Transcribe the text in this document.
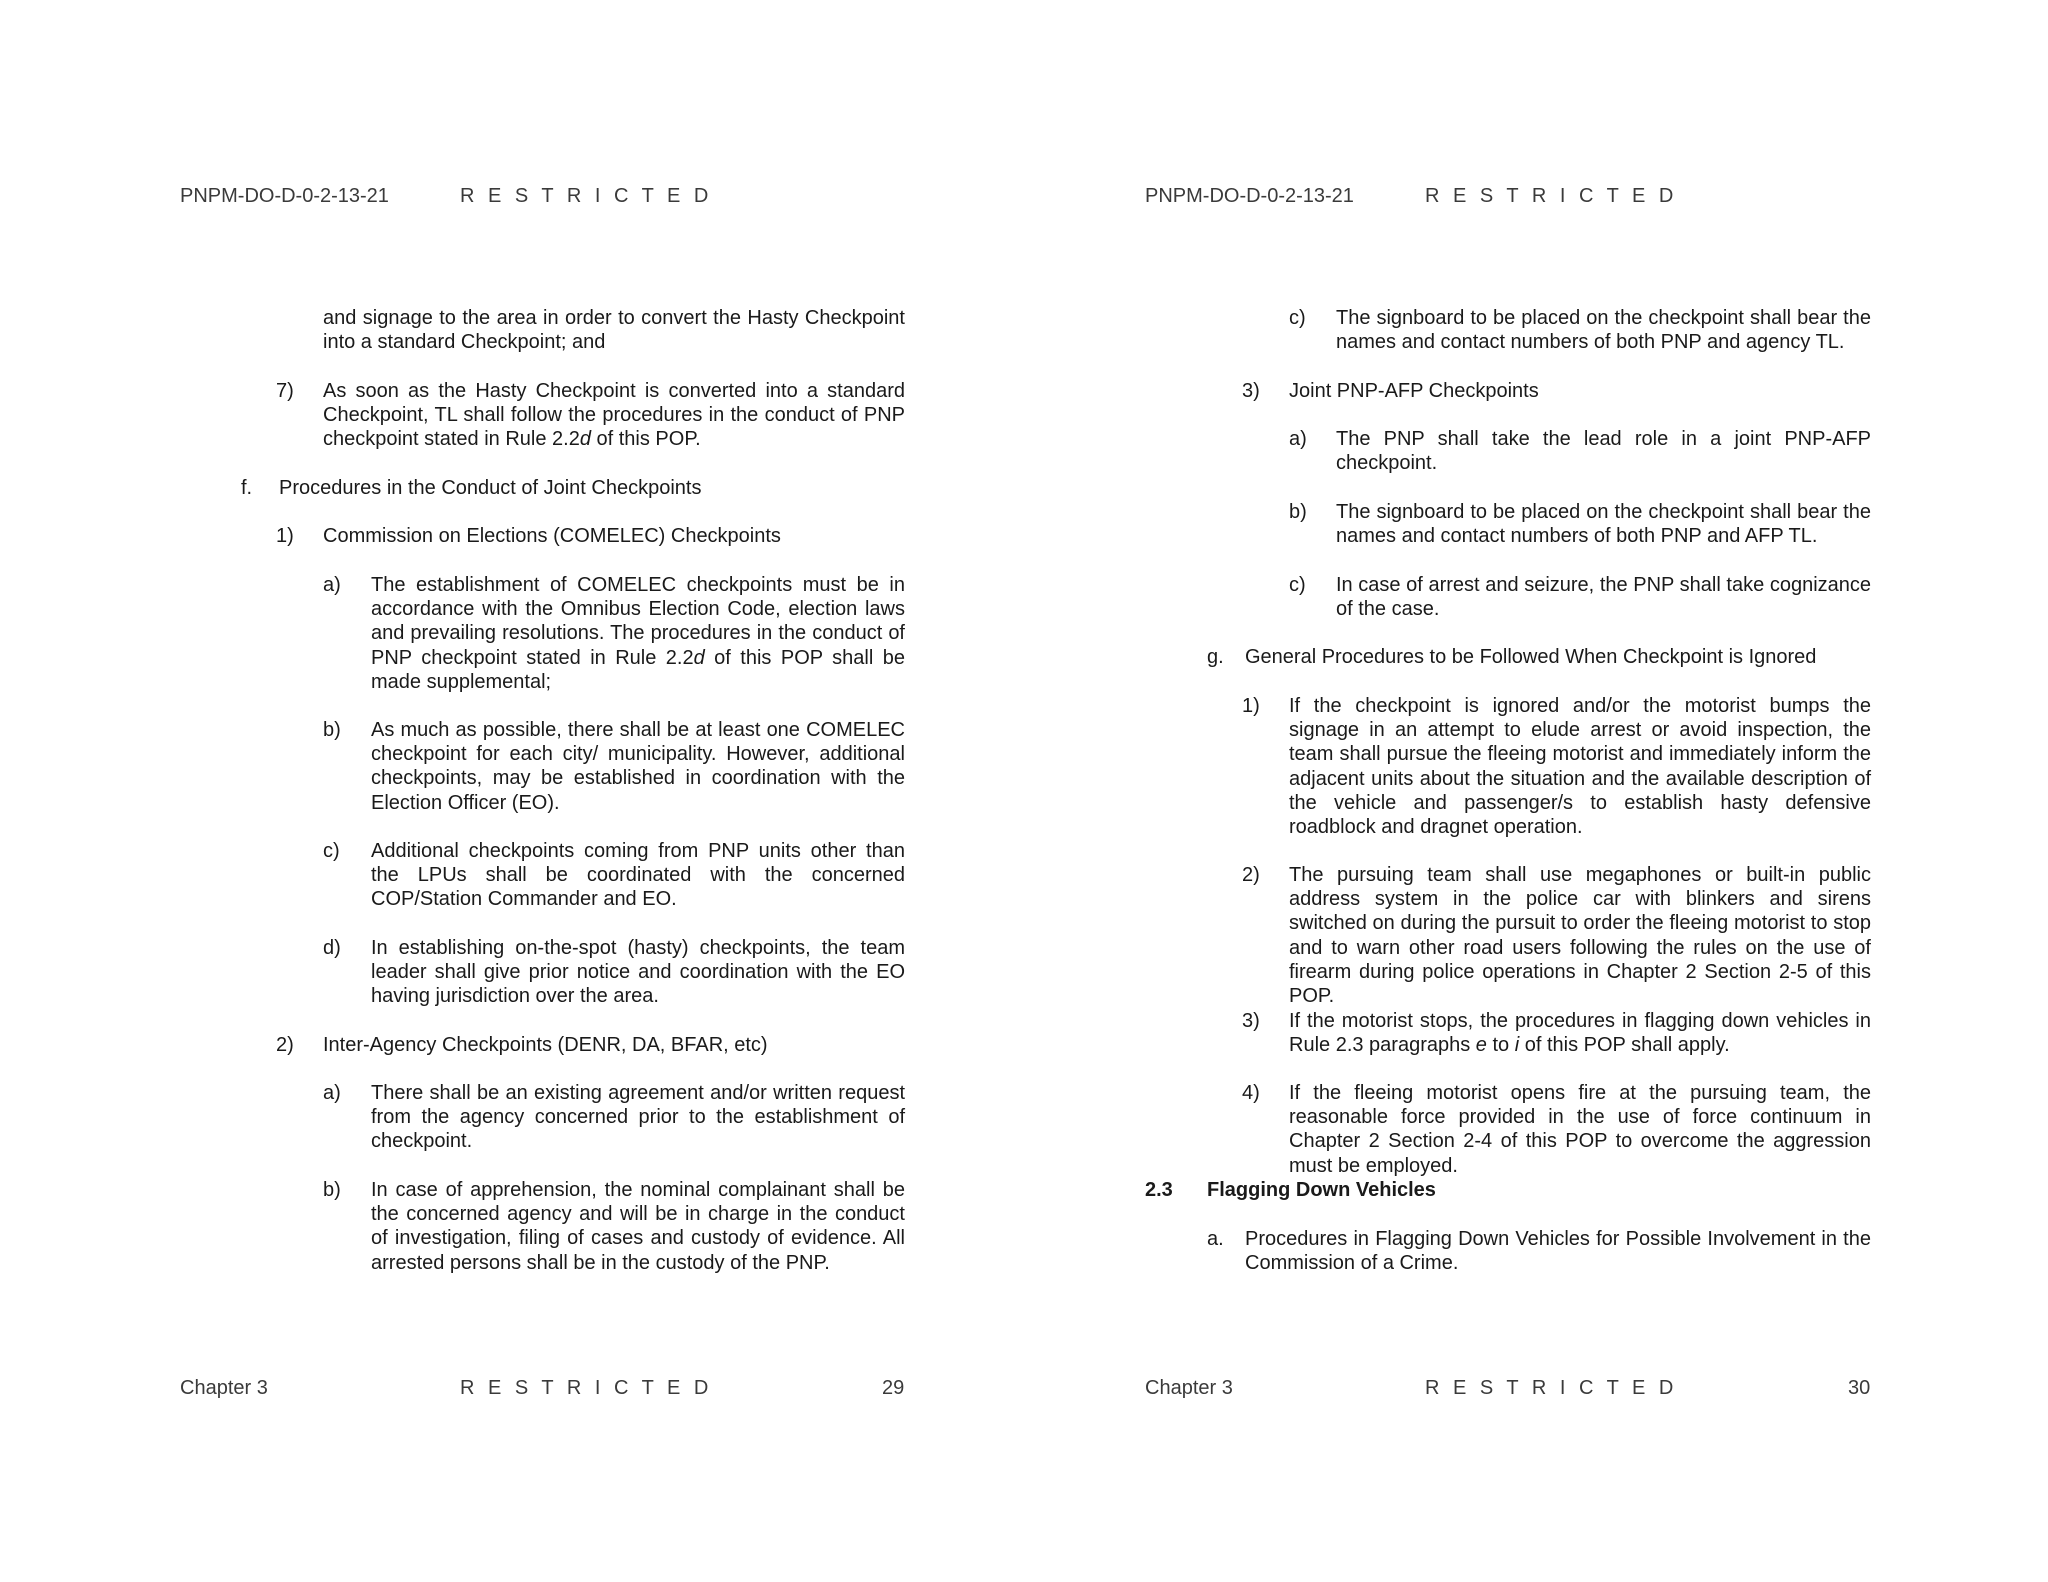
PNPM-DO-D-0-2-13-21	R E S T R I C T E D
and signage to the area in order to convert the Hasty Checkpoint into a standard Checkpoint; and
7) As soon as the Hasty Checkpoint is converted into a standard Checkpoint, TL shall follow the procedures in the conduct of PNP checkpoint stated in Rule 2.2d of this POP.
f. Procedures in the Conduct of Joint Checkpoints
1) Commission on Elections (COMELEC) Checkpoints
a) The establishment of COMELEC checkpoints must be in accordance with the Omnibus Election Code, election laws and prevailing resolutions. The procedures in the conduct of PNP checkpoint stated in Rule 2.2d of this POP shall be made supplemental;
b) As much as possible, there shall be at least one COMELEC checkpoint for each city/ municipality. However, additional checkpoints, may be established in coordination with the Election Officer (EO).
c) Additional checkpoints coming from PNP units other than the LPUs shall be coordinated with the concerned COP/Station Commander and EO.
d) In establishing on-the-spot (hasty) checkpoints, the team leader shall give prior notice and coordination with the EO having jurisdiction over the area.
2) Inter-Agency Checkpoints (DENR, DA, BFAR, etc)
a) There shall be an existing agreement and/or written request from the agency concerned prior to the establishment of checkpoint.
b) In case of apprehension, the nominal complainant shall be the concerned agency and will be in charge in the conduct of investigation, filing of cases and custody of evidence. All arrested persons shall be in the custody of the PNP.
Chapter 3	R E S T R I C T E D	29
PNPM-DO-D-0-2-13-21	R E S T R I C T E D
c) The signboard to be placed on the checkpoint shall bear the names and contact numbers of both PNP and agency TL.
3) Joint PNP-AFP Checkpoints
a) The PNP shall take the lead role in a joint PNP-AFP checkpoint.
b) The signboard to be placed on the checkpoint shall bear the names and contact numbers of both PNP and AFP TL.
c) In case of arrest and seizure, the PNP shall take cognizance of the case.
g. General Procedures to be Followed When Checkpoint is Ignored
1) If the checkpoint is ignored and/or the motorist bumps the signage in an attempt to elude arrest or avoid inspection, the team shall pursue the fleeing motorist and immediately inform the adjacent units about the situation and the available description of the vehicle and passenger/s to establish hasty defensive roadblock and dragnet operation.
2) The pursuing team shall use megaphones or built-in public address system in the police car with blinkers and sirens switched on during the pursuit to order the fleeing motorist to stop and to warn other road users following the rules on the use of firearm during police operations in Chapter 2 Section 2-5 of this POP.
3) If the motorist stops, the procedures in flagging down vehicles in Rule 2.3 paragraphs e to i of this POP shall apply.
4) If the fleeing motorist opens fire at the pursuing team, the reasonable force provided in the use of force continuum in Chapter 2 Section 2-4 of this POP to overcome the aggression must be employed.
2.3 Flagging Down Vehicles
a. Procedures in Flagging Down Vehicles for Possible Involvement in the Commission of a Crime.
Chapter 3	R E S T R I C T E D	30
